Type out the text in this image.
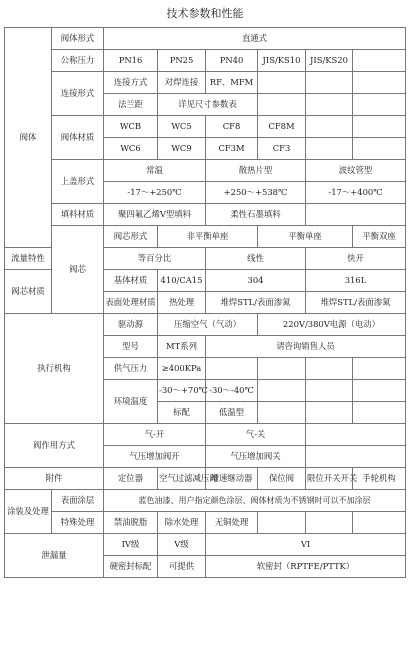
技术参数和性能
阀体	阀体形式	直通式					
	公称压力	PN16	PN25	PN40	JIS/KS10	JIS/KS20	
	连接形式	连接方式	对焊连接	RF、MFM			
		法兰距	详见尺寸参数表				
	阀体材质	WCB	WC5	CF8	CF8M		
		WC6	WC9	CF3M	CF3		
	上盖形式	常温		散热片型		波纹管型	
		-17～+250℃		+250～+538℃		-17～+400℃	
	填料材质	聚四氟乙烯V型填料		柔性石墨填料			
	阀芯	阀芯形式	非平衡单座		平衡单座		平衡双座
流量特性		等百分比		线性		快开	
阀芯材质		基体材质	410/CA15	304		316L	
		表面处理材质	热处理	堆焊STL/表面渗氮		堆焊STL/表面渗氮	
执行机构		驱动源	压缩空气（气动）		220V/380V电源（电动）		
		型号	MT系列	请咨询销售人员			
		供气压力	≥400KPa				
		环境温度	-30～+70℃	-30～-40℃			
			标配	低温型			
阀作用方式		气-开		气-关			
		气压增加阀开		气压增加阀关			
附件		定位器	空气过滤减压阀	增速继动器	保位阀	限位开关开关	手轮机构
涂装及处理	表面涂层	蓝色油漆、用户指定颜色涂层、阀体材质为不锈钢时可以不加涂层					
	特殊处理	禁油脱脂	除水处理	无铜处理			
泄漏量		IV级	V级	VI			
		硬密封标配	可提供	软密封（RPTFE/PTTK）			
